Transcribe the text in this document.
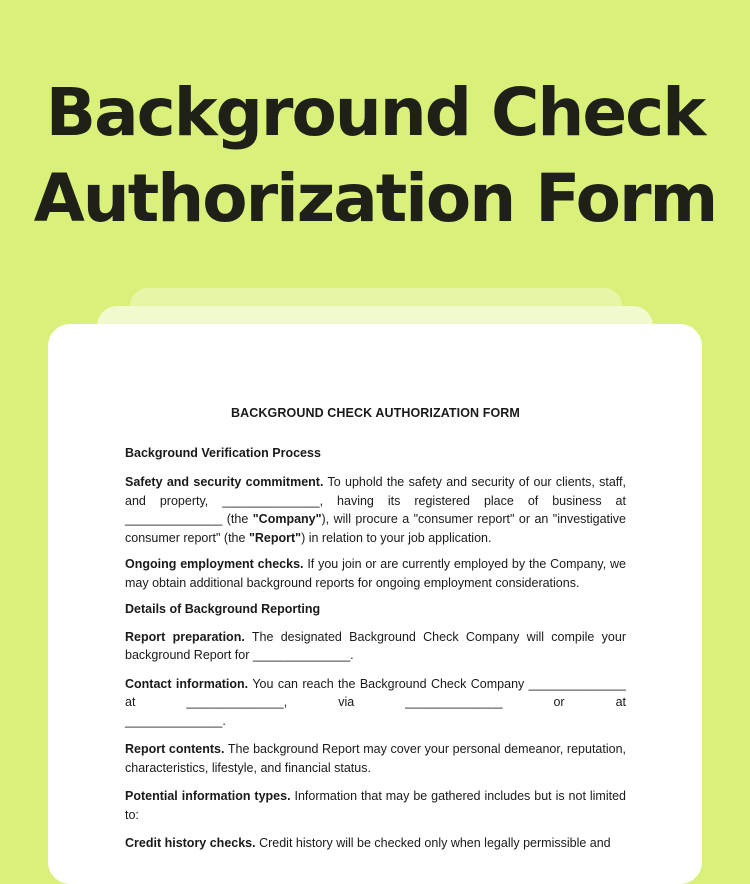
Background Check
Authorization Form
BACKGROUND CHECK AUTHORIZATION FORM
Background Verification Process
Safety and security commitment. To uphold the safety and security of our clients, staff, and property, ______________, having its registered place of business at ______________ (the "Company"), will procure a "consumer report" or an "investigative consumer report" (the "Report") in relation to your job application.
Ongoing employment checks. If you join or are currently employed by the Company, we may obtain additional background reports for ongoing employment considerations.
Details of Background Reporting
Report preparation. The designated Background Check Company will compile your background Report for ______________.
Contact information. You can reach the Background Check Company ______________ at ______________, via ______________ or at
______________.
Report contents. The background Report may cover your personal demeanor, reputation, characteristics, lifestyle, and financial status.
Potential information types. Information that may be gathered includes but is not limited to:
Credit history checks. Credit history will be checked only when legally permissible and
